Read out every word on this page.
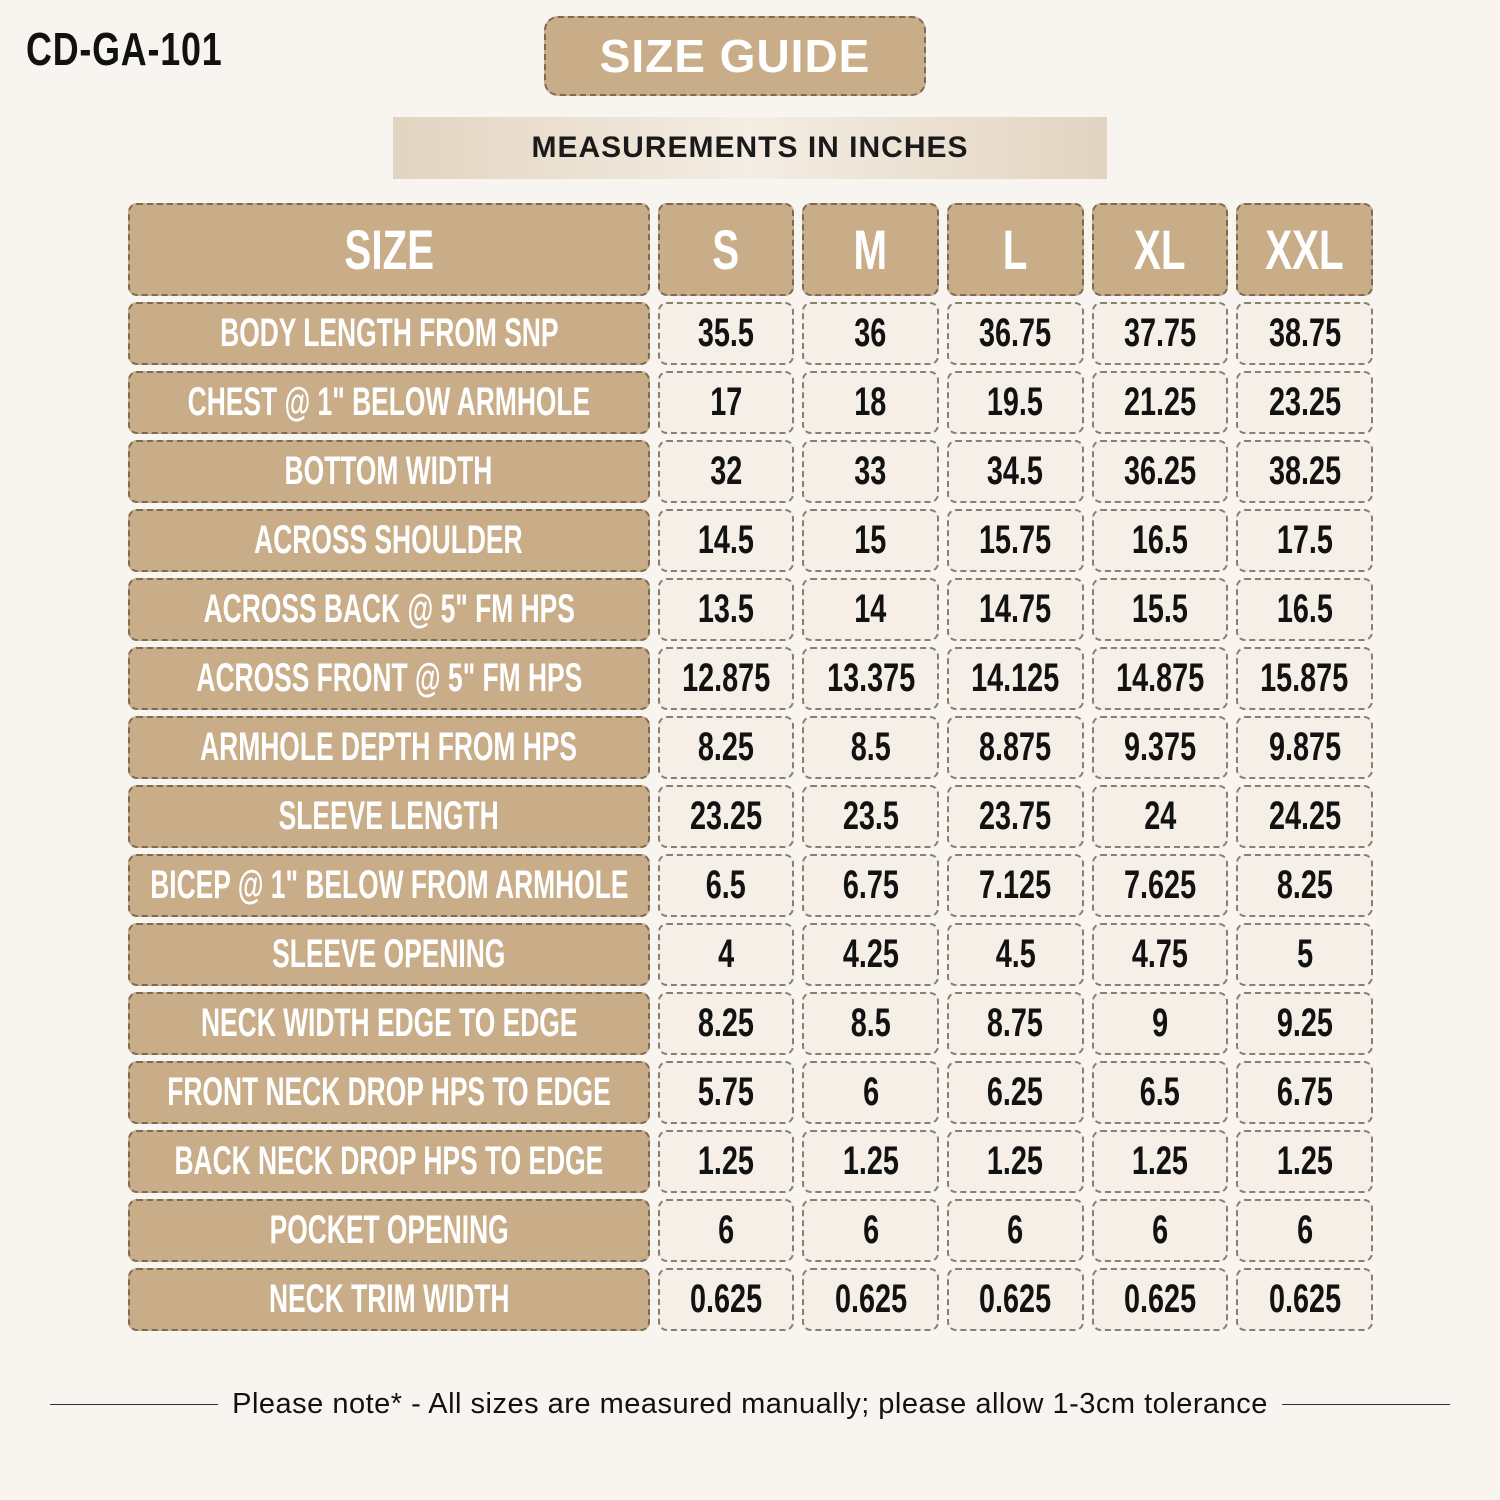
CD-GA-101	SIZE GUIDE
MEASUREMENTS IN INCHES
SIZE	S M L XL XXL
BODY LENGTH FROM SNP	35.5	36 36.75 37.75 38.75
CHEST @ 1" BELOW ARMHOLE	17	18	19.5 21.25 23.25
BOTTOM WIDTH	32	33	34.5 36.25 38.25
ACROSS SHOULDER	14.5	15 15.75 16.5 17.5
ACROSS BACK @ 5" FM HPS	13.5	14 14.75 15.5 16.5
ACROSS FRONT @ 5" FM HPS	12.875 13.375 14.125 14.875 15.875
ARMHOLE DEPTH FROM HPS	8.25 8.5 8.875 9.375 9.875
SLEEVE LENGTH	23.25 23.5 23.75 24 24.25
BICEP @ 1" BELOW FROM ARMHOLE 6.5 6.75 7.125 7.625 8.25
SLEEVE OPENING	4	4.25 4.5 4.75	5
NECK WIDTH EDGE TO EDGE	8.25 8.5 8.75	9	9.25
FRONT NECK DROP HPS TO EDGE 5.75	6	6.25 6.5 6.75
BACK NECK DROP HPS TO EDGE 1.25 1.25 1.25 1.25 1.25
POCKET OPENING	6	6	6	6	6
NECK TRIM WIDTH	0.625 0.625 0.625 0.625 0.625
Please note* - All sizes are measured manually; please allow 1-3cm tolerance
